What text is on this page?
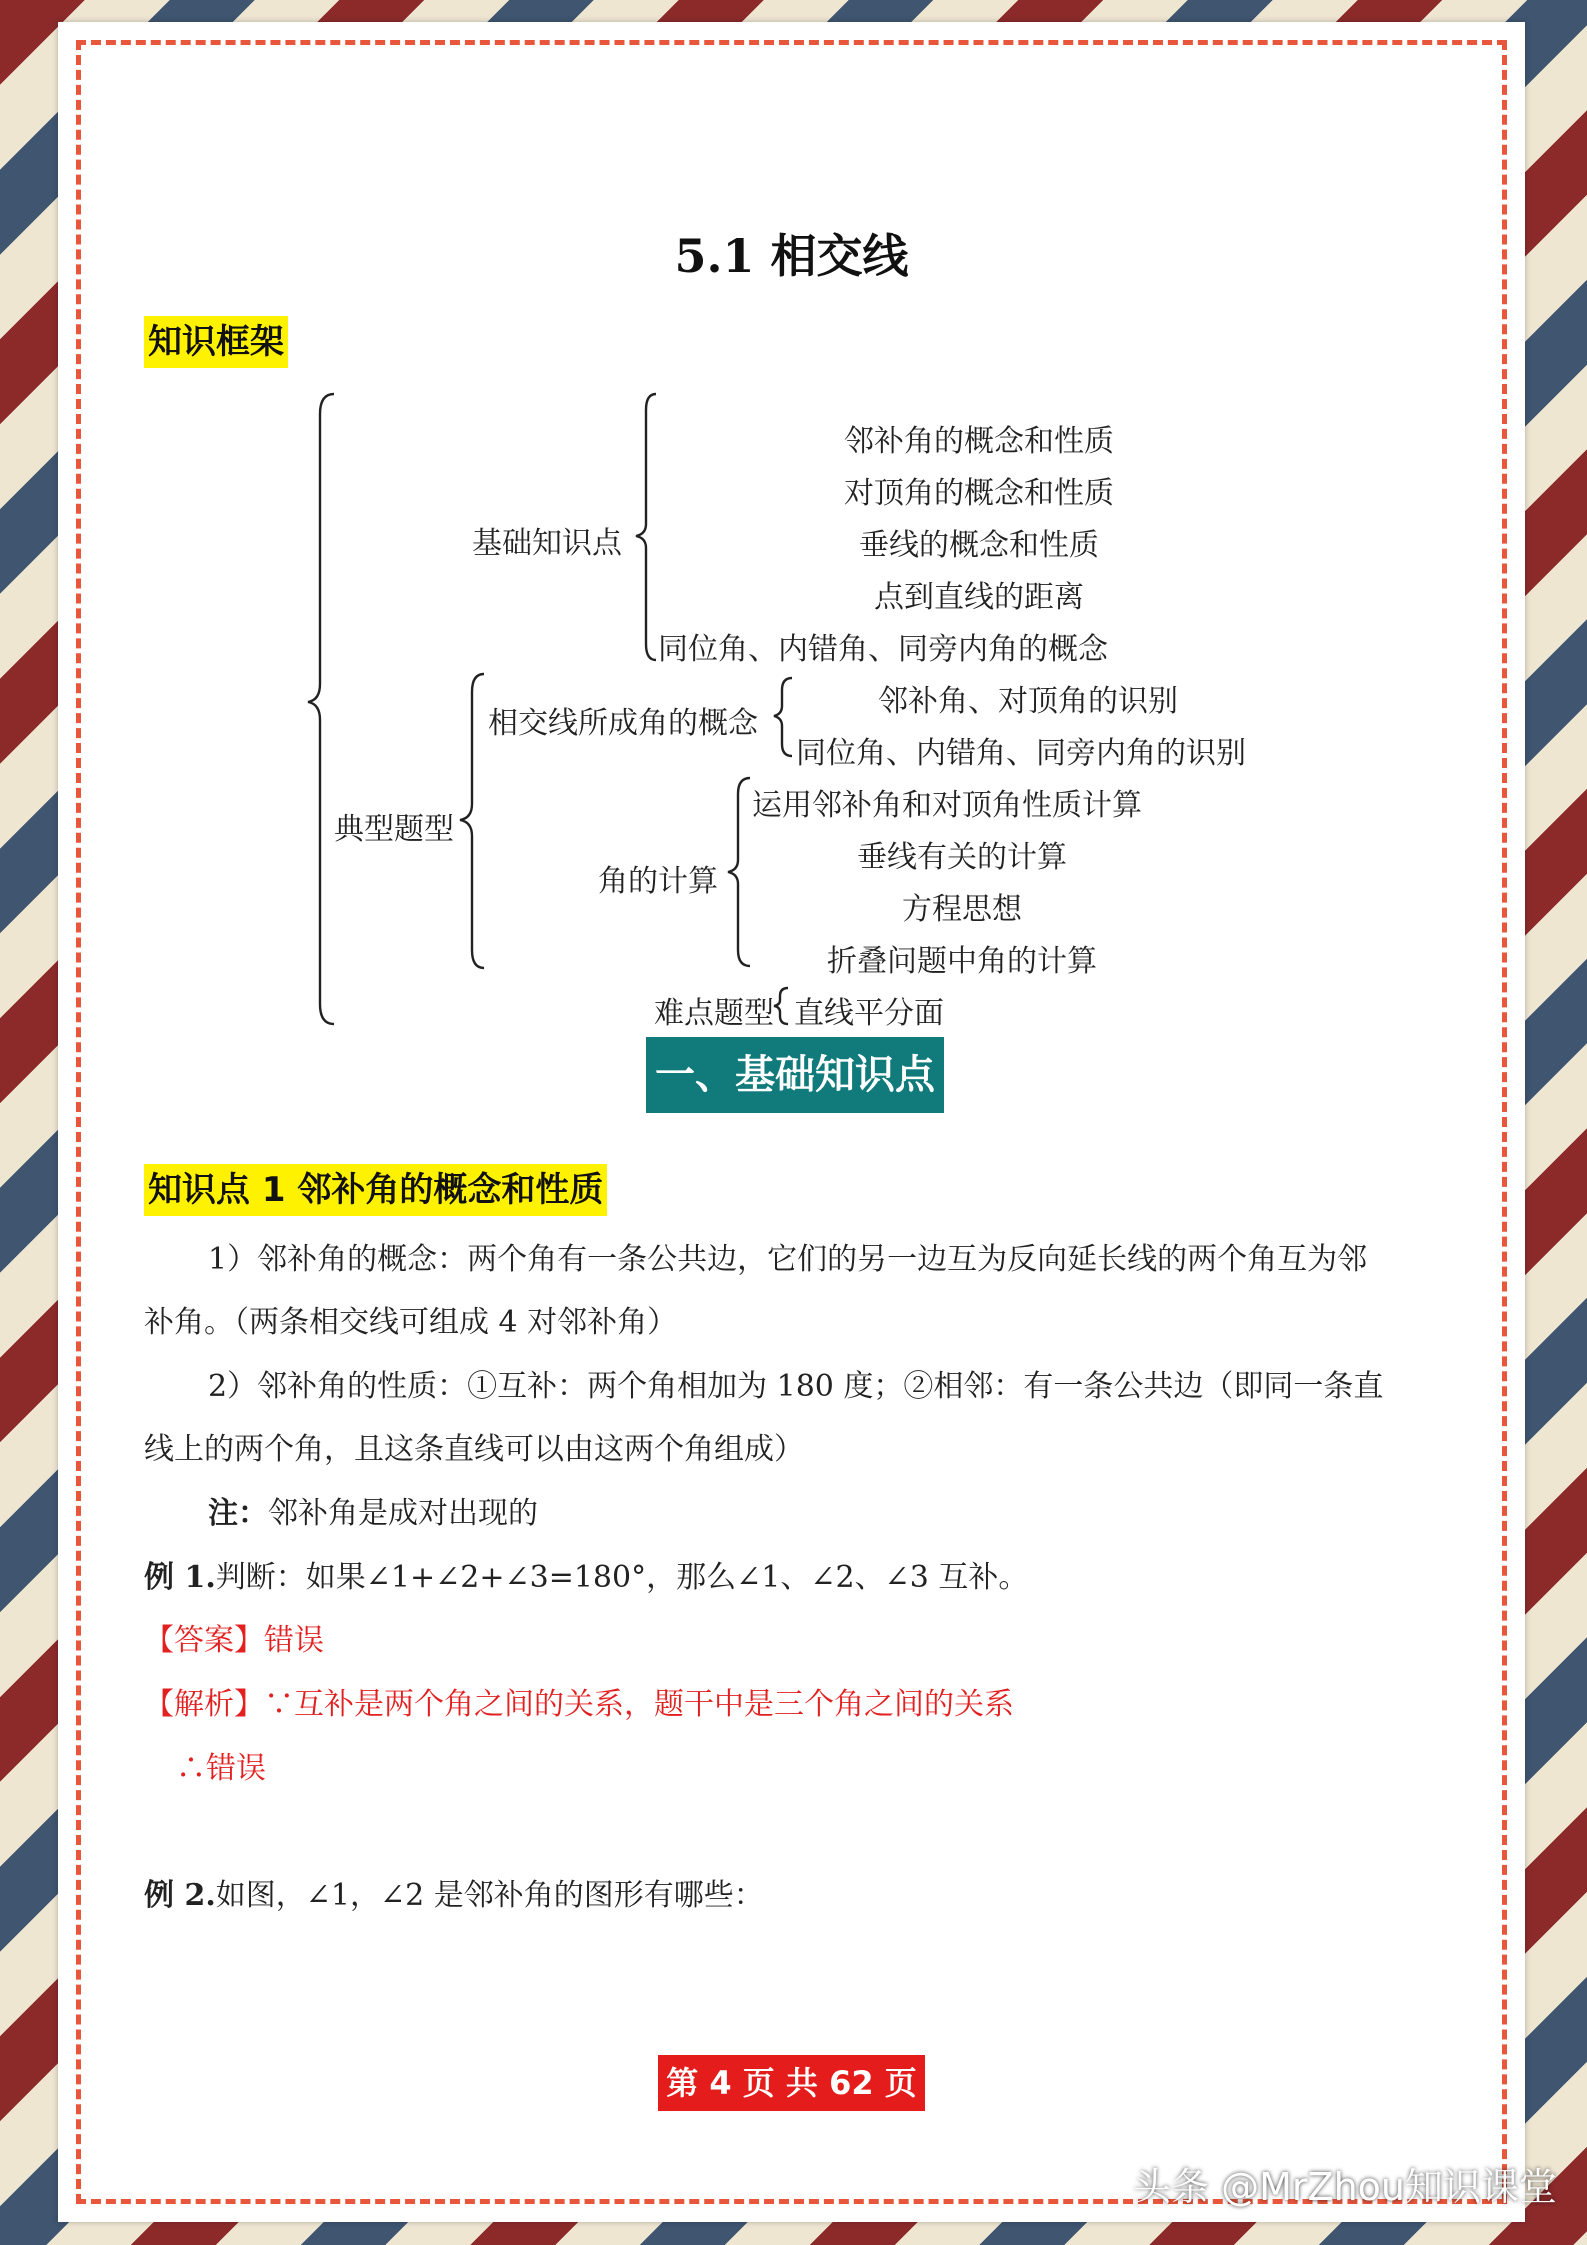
5.1 相交线
知识框架
基础知识点
邻补角的概念和性质
对顶角的概念和性质
垂线的概念和性质
点到直线的距离
同位角、内错角、同旁内角的概念
典型题型
相交线所成角的概念
邻补角、对顶角的识别
同位角、内错角、同旁内角的识别
角的计算
运用邻补角和对顶角性质计算
垂线有关的计算
方程思想
折叠问题中角的计算
难点题型 直线平分面
一、基础知识点
知识点 1 邻补角的概念和性质
1）邻补角的概念：两个角有一条公共边，它们的另一边互为反向延长线的两个角互为邻
补角。（两条相交线可组成 4 对邻补角）
2）邻补角的性质：①互补：两个角相加为 180 度；②相邻：有一条公共边（即同一条直
线上的两个角，且这条直线可以由这两个角组成）
注：邻补角是成对出现的
例 1.判断：如果∠1+∠2+∠3=180°，那么∠1、∠2、∠3 互补。
【答案】错误
【解析】∵互补是两个角之间的关系，题干中是三个角之间的关系
∴错误
例 2.如图，∠1，∠2 是邻补角的图形有哪些：
第 4 页 共 62 页
头条 @MrZhou知识课堂
